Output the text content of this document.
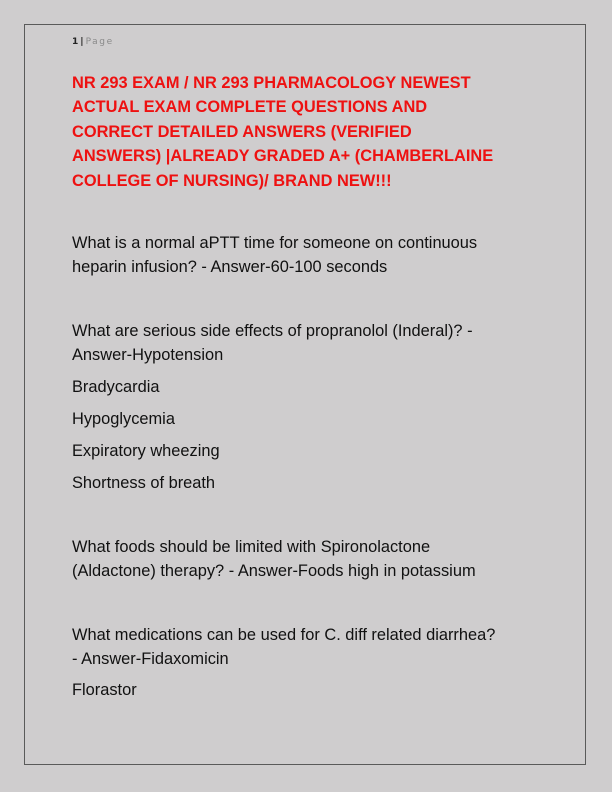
1 | Page
NR 293 EXAM / NR 293 PHARMACOLOGY NEWEST
ACTUAL EXAM COMPLETE QUESTIONS AND
CORRECT DETAILED ANSWERS (VERIFIED
ANSWERS) |ALREADY GRADED A+ (CHAMBERLAINE
COLLEGE OF NURSING)/ BRAND NEW!!!
What is a normal aPTT time for someone on continuous
heparin infusion? - Answer-60-100 seconds
What are serious side effects of propranolol (Inderal)? -
Answer-Hypotension
Bradycardia
Hypoglycemia
Expiratory wheezing
Shortness of breath
What foods should be limited with Spironolactone
(Aldactone) therapy? - Answer-Foods high in potassium
What medications can be used for C. diff related diarrhea?
- Answer-Fidaxomicin
Florastor
